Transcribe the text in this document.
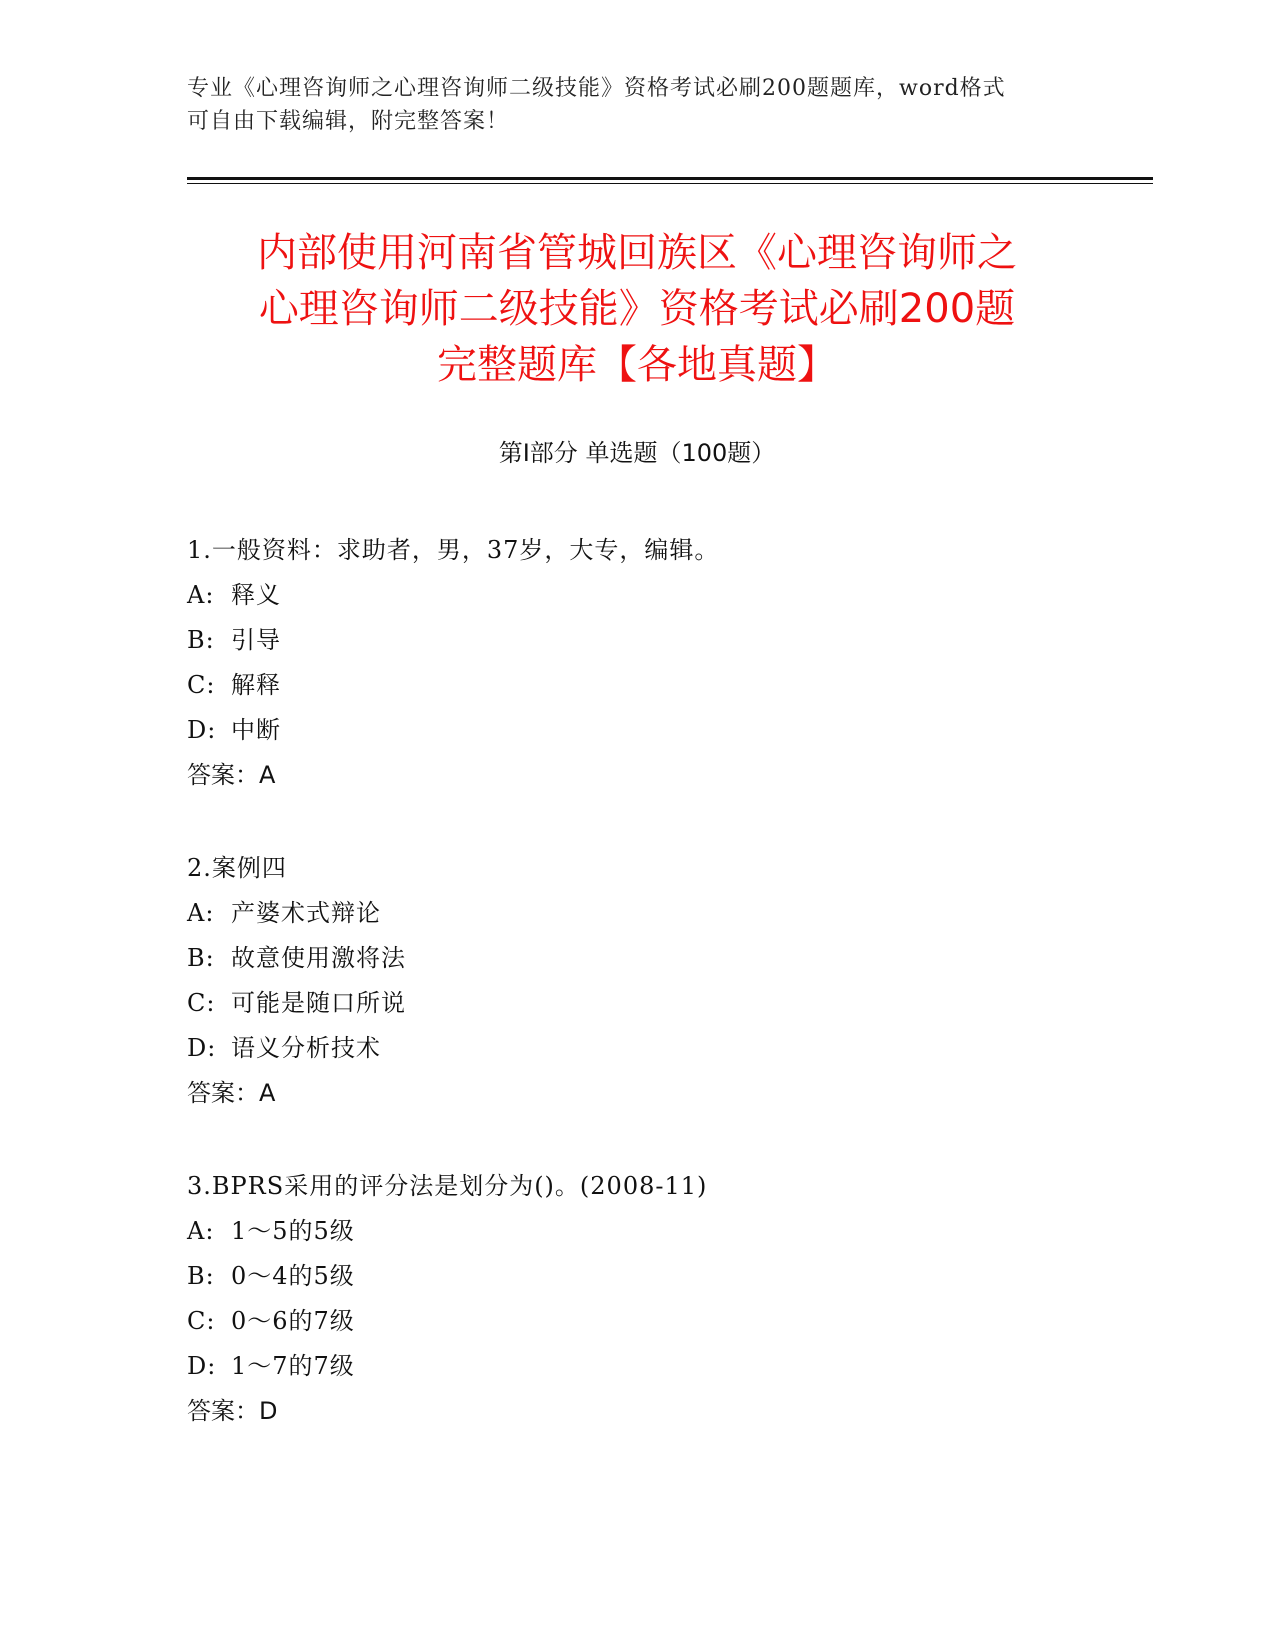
专业《心理咨询师之心理咨询师二级技能》资格考试必刷200题题库，word格式
可自由下载编辑，附完整答案！
内部使用河南省管城回族区《心理咨询师之
心理咨询师二级技能》资格考试必刷200题
完整题库【各地真题】
第Ⅰ部分 单选题（100题）
1.一般资料：求助者，男，37岁，大专，编辑。
A: 释义
B: 引导
C: 解释
D: 中断
答案：A
2.案例四
A: 产婆术式辩论
B: 故意使用激将法
C: 可能是随口所说
D: 语义分析技术
答案：A
3.BPRS采用的评分法是划分为()。(2008-11)
A: 1～5的5级
B: 0～4的5级
C: 0～6的7级
D: 1～7的7级
答案：D
